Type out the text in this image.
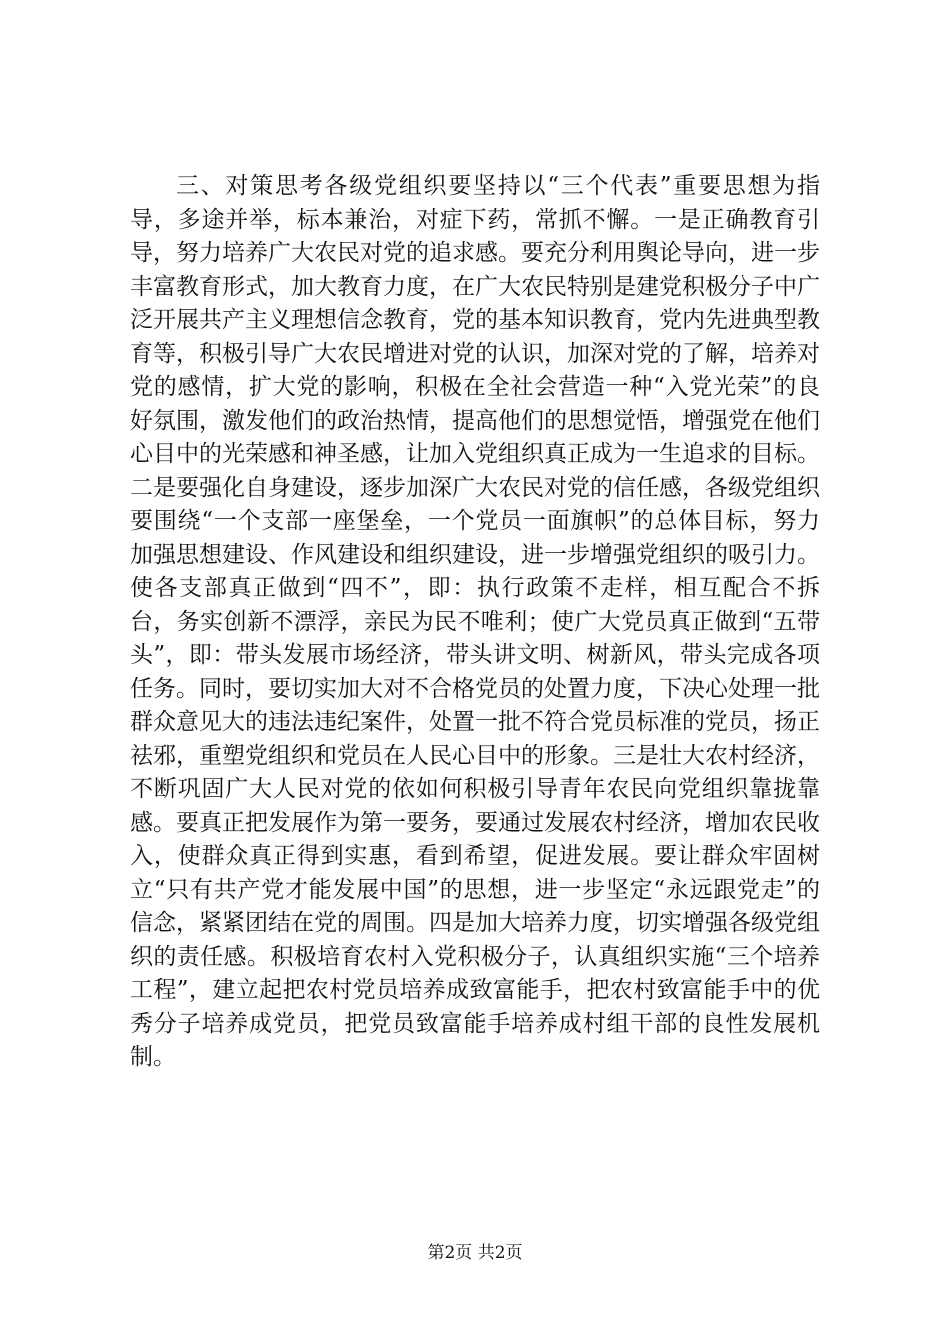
三、对策思考各级党组织要坚持以“三个代表”重要思想为指导，多途并举，标本兼治，对症下药，常抓不懈。一是正确教育引导，努力培养广大农民对党的追求感。要充分利用舆论导向，进一步丰富教育形式，加大教育力度，在广大农民特别是建党积极分子中广泛开展共产主义理想信念教育，党的基本知识教育，党内先进典型教育等，积极引导广大农民增进对党的认识，加深对党的了解，培养对党的感情，扩大党的影响，积极在全社会营造一种“入党光荣”的良好氛围，激发他们的政治热情，提高他们的思想觉悟，增强党在他们心目中的光荣感和神圣感，让加入党组织真正成为一生追求的目标。二是要强化自身建设，逐步加深广大农民对党的信任感，各级党组织要围绕“一个支部一座堡垒，一个党员一面旗帜”的总体目标，努力加强思想建设、作风建设和组织建设，进一步增强党组织的吸引力。使各支部真正做到“四不”，即：执行政策不走样，相互配合不拆台，务实创新不漂浮，亲民为民不唯利；使广大党员真正做到“五带头”，即：带头发展市场经济，带头讲文明、树新风，带头完成各项任务。同时，要切实加大对不合格党员的处置力度，下决心处理一批群众意见大的违法违纪案件，处置一批不符合党员标准的党员，扬正祛邪，重塑党组织和党员在人民心目中的形象。三是壮大农村经济，不断巩固广大人民对党的依如何积极引导青年农民向党组织靠拢靠感。要真正把发展作为第一要务，要通过发展农村经济，增加农民收入，使群众真正得到实惠，看到希望，促进发展。要让群众牢固树立“只有共产党才能发展中国”的思想，进一步坚定“永远跟党走”的信念，紧紧团结在党的周围。四是加大培养力度，切实增强各级党组织的责任感。积极培育农村入党积极分子，认真组织实施“三个培养工程”，建立起把农村党员培养成致富能手，把农村致富能手中的优秀分子培养成党员，把党员致富能手培养成村组干部的良性发展机制。

第2页 共2页
